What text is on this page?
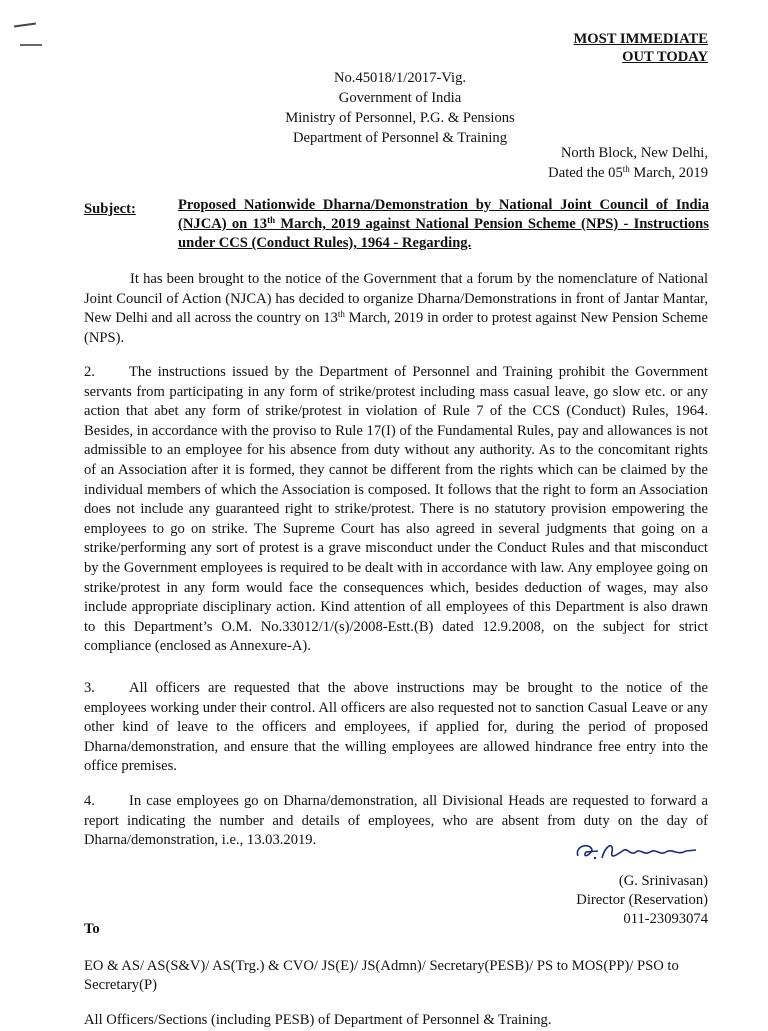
MOST IMMEDIATE
OUT TODAY
No.45018/1/2017-Vig.
Government of India
Ministry of Personnel, P.G. & Pensions
Department of Personnel & Training
North Block, New Delhi,
Dated the 05th March, 2019
Subject:	Proposed Nationwide Dharna/Demonstration by National Joint Council of India (NJCA) on 13th March, 2019 against National Pension Scheme (NPS) - Instructions under CCS (Conduct Rules), 1964 - Regarding.
It has been brought to the notice of the Government that a forum by the nomenclature of National Joint Council of Action (NJCA) has decided to organize Dharna/Demonstrations in front of Jantar Mantar, New Delhi and all across the country on 13th March, 2019 in order to protest against New Pension Scheme (NPS).
2. The instructions issued by the Department of Personnel and Training prohibit the Government servants from participating in any form of strike/protest including mass casual leave, go slow etc. or any action that abet any form of strike/protest in violation of Rule 7 of the CCS (Conduct) Rules, 1964. Besides, in accordance with the proviso to Rule 17(I) of the Fundamental Rules, pay and allowances is not admissible to an employee for his absence from duty without any authority. As to the concomitant rights of an Association after it is formed, they cannot be different from the rights which can be claimed by the individual members of which the Association is composed. It follows that the right to form an Association does not include any guaranteed right to strike/protest. There is no statutory provision empowering the employees to go on strike. The Supreme Court has also agreed in several judgments that going on a strike/performing any sort of protest is a grave misconduct under the Conduct Rules and that misconduct by the Government employees is required to be dealt with in accordance with law. Any employee going on strike/protest in any form would face the consequences which, besides deduction of wages, may also include appropriate disciplinary action. Kind attention of all employees of this Department is also drawn to this Department’s O.M. No.33012/1/(s)/2008-Estt.(B) dated 12.9.2008, on the subject for strict compliance (enclosed as Annexure-A).
3. All officers are requested that the above instructions may be brought to the notice of the employees working under their control. All officers are also requested not to sanction Casual Leave or any other kind of leave to the officers and employees, if applied for, during the period of proposed Dharna/demonstration, and ensure that the willing employees are allowed hindrance free entry into the office premises.
4. In case employees go on Dharna/demonstration, all Divisional Heads are requested to forward a report indicating the number and details of employees, who are absent from duty on the day of Dharna/demonstration, i.e., 13.03.2019.
(G. Srinivasan)
Director (Reservation)
011-23093074
To
EO & AS/ AS(S&V)/ AS(Trg.) & CVO/ JS(E)/ JS(Admn)/ Secretary(PESB)/ PS to MOS(PP)/ PSO to Secretary(P)
All Officers/Sections (including PESB) of Department of Personnel & Training.
